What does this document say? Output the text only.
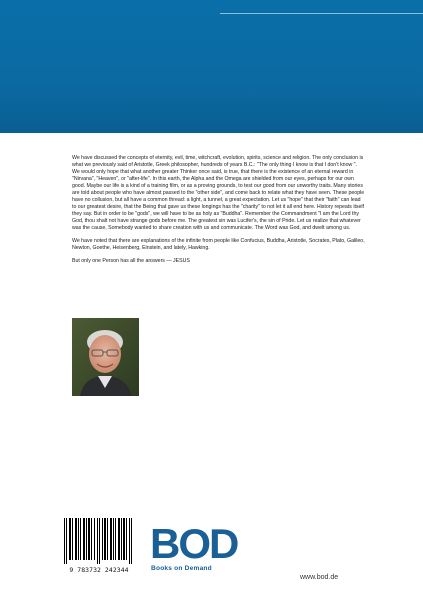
We have discussed the concepts of eternity, evil, time, witchcraft, evolution, spirits, science and religion. The only conclusion is what we previously said of Aristotle, Greek philosopher, hundreds of years B.C.: "The only thing I know is that I don't know ". We would only hope that what another greater Thinker once said, is true, that there is the existence of an eternal reward in "Nirvana", "Heaven", or "after-life". In this earth, the Alpha and the Omega are shielded from our eyes, perhaps for our own good. Maybe our life is a kind of a training film, or as a proving grounds, to test our good from our unworthy traits. Many stories are told about people who have almost passed to the "other side", and come back to relate what they have seen. These people have no collusion, but all have a common thread: a light, a tunnel, a great expectation. Let us "hope" that their "faith" can lead to our greatest desire, that the Being that gave us these longings has the "charity" to not let it all end here. History repeats itself they say. But in order to be "gods", we will have to be as holy as "Buddha". Remember the Commandment "I am the Lord thy God, thou shalt not have strange gods before me. The greatest sin was Lucifer's, the sin of Pride. Let us realize that whatever was the cause, Somebody wanted to share creation with us and communicate. The Word was God, and dwelt among us.

We have noted that there are explanations of the infinite from people like Confucius, Buddha, Aristotle, Socrates, Plato, Galileo, Newton, Goethe, Heisenberg, Einstein, and lately, Hawking.

But only one Person has all the answers — JESUS

9 783732 242344
BOD
Books on Demand
www.bod.de
